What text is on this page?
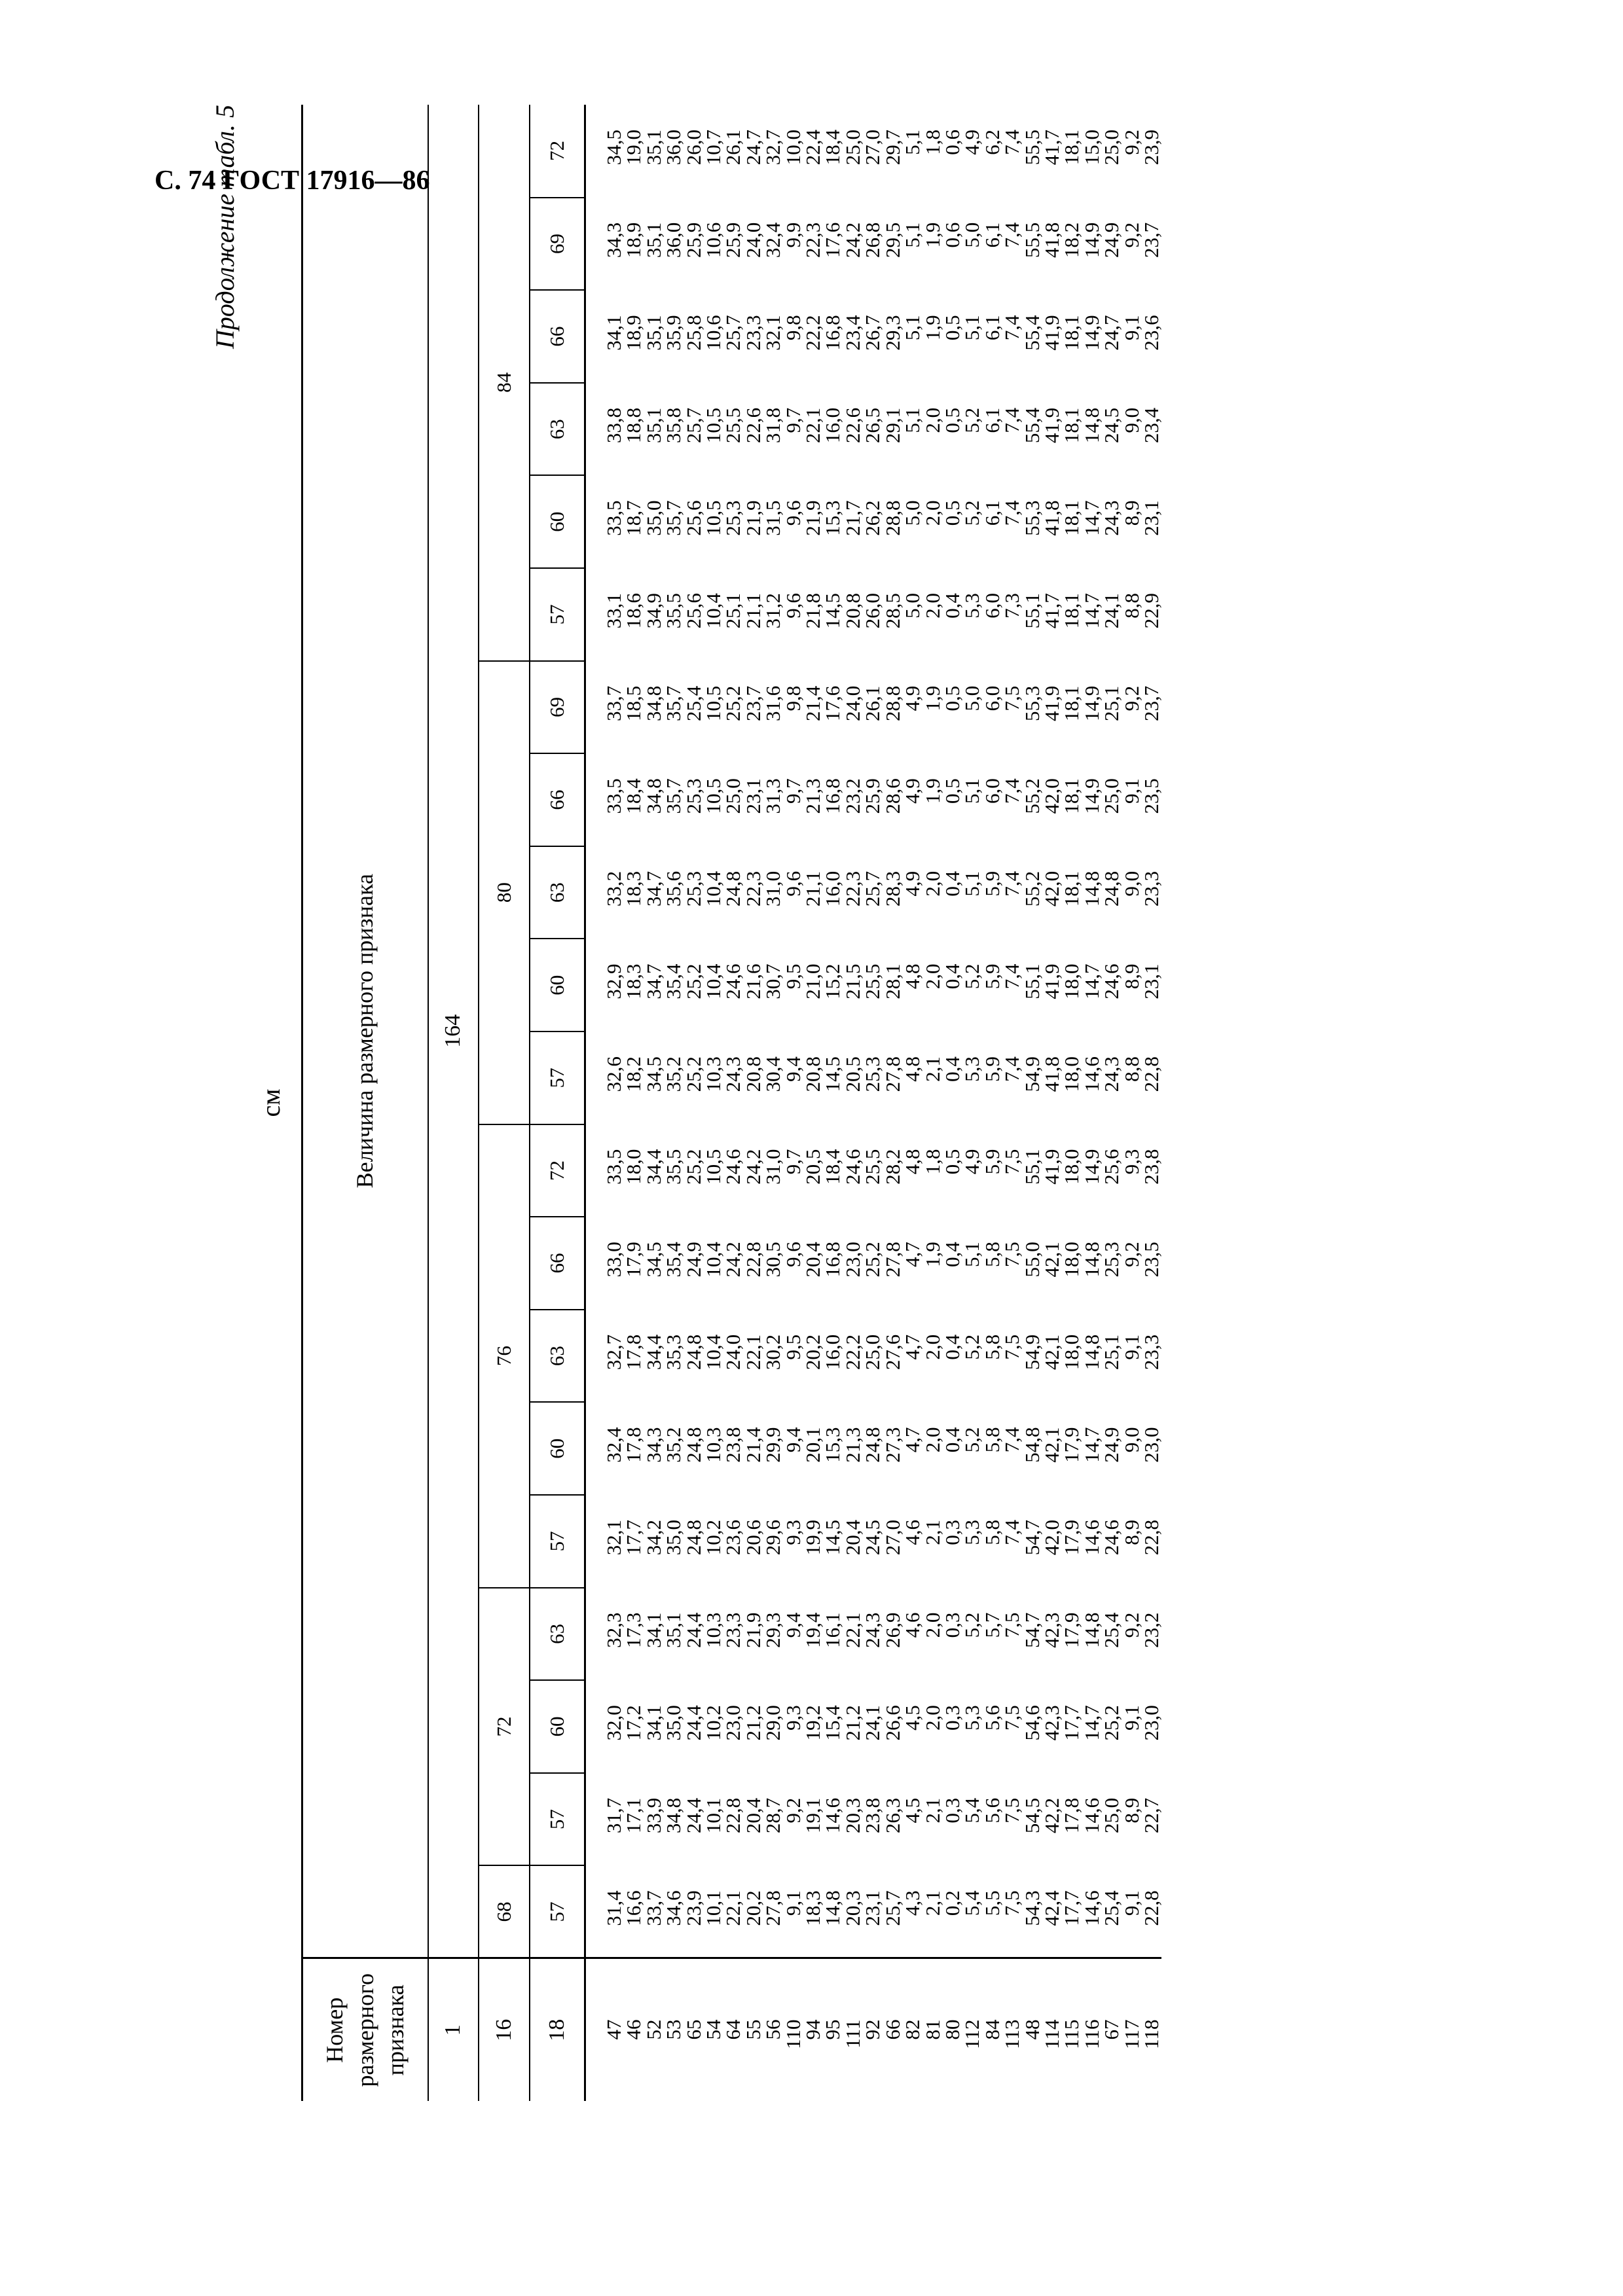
С. 74 ГОСТ 17916—86
Продолжение табл. 5
см
Номер размерного признака	Величина размерного признака																			
1	164																			
16	68	72			76					80					84					
18	57	57	60	63	57	60	63	66	72	57	60	63	66	69	57	60	63	66	69	72
47	31,4	31,7	32,0	32,3	32,1	32,4	32,7	33,0	33,5	32,6	32,9	33,2	33,5	33,7	33,1	33,5	33,8	34,1	34,3	34,5
46	16,6	17,1	17,2	17,3	17,7	17,8	17,8	17,9	18,0	18,2	18,3	18,3	18,4	18,5	18,6	18,7	18,8	18,9	18,9	19,0
52	33,7	33,9	34,1	34,1	34,2	34,3	34,4	34,5	34,4	34,5	34,7	34,7	34,8	34,8	34,9	35,0	35,1	35,1	35,1	35,1
53	34,6	34,8	35,0	35,1	35,0	35,2	35,3	35,4	35,5	35,2	35,4	35,6	35,7	35,7	35,5	35,7	35,8	35,9	36,0	36,0
65	23,9	24,4	24,4	24,4	24,8	24,8	24,8	24,9	25,2	25,2	25,2	25,3	25,3	25,4	25,6	25,6	25,7	25,8	25,9	26,0
54	10,1	10,1	10,2	10,3	10,2	10,3	10,4	10,4	10,5	10,3	10,4	10,4	10,5	10,5	10,4	10,5	10,5	10,6	10,6	10,7
64	22,1	22,8	23,0	23,3	23,6	23,8	24,0	24,2	24,6	24,3	24,6	24,8	25,0	25,2	25,1	25,3	25,5	25,7	25,9	26,1
55	20,2	20,4	21,2	21,9	20,6	21,4	22,1	22,8	24,2	20,8	21,6	22,3	23,1	23,7	21,1	21,9	22,6	23,3	24,0	24,7
56	27,8	28,7	29,0	29,3	29,6	29,9	30,2	30,5	31,0	30,4	30,7	31,0	31,3	31,6	31,2	31,5	31,8	32,1	32,4	32,7
110	9,1	9,2	9,3	9,4	9,3	9,4	9,5	9,6	9,7	9,4	9,5	9,6	9,7	9,8	9,6	9,6	9,7	9,8	9,9	10,0
94	18,3	19,1	19,2	19,4	19,9	20,1	20,2	20,4	20,5	20,8	21,0	21,1	21,3	21,4	21,8	21,9	22,1	22,2	22,3	22,4
95	14,8	14,6	15,4	16,1	14,5	15,3	16,0	16,8	18,4	14,5	15,2	16,0	16,8	17,6	14,5	15,3	16,0	16,8	17,6	18,4
111	20,3	20,3	21,2	22,1	20,4	21,3	22,2	23,0	24,6	20,5	21,5	22,3	23,2	24,0	20,8	21,7	22,6	23,4	24,2	25,0
92	23,1	23,8	24,1	24,3	24,5	24,8	25,0	25,2	25,5	25,3	25,5	25,7	25,9	26,1	26,0	26,2	26,5	26,7	26,8	27,0
66	25,7	26,3	26,6	26,9	27,0	27,3	27,6	27,8	28,2	27,8	28,1	28,3	28,6	28,8	28,5	28,8	29,1	29,3	29,5	29,7
82	4,3	4,5	4,5	4,6	4,6	4,7	4,7	4,7	4,8	4,8	4,8	4,9	4,9	4,9	5,0	5,0	5,1	5,1	5,1	5,1
81	2,1	2,1	2,0	2,0	2,1	2,0	2,0	1,9	1,8	2,1	2,0	2,0	1,9	1,9	2,0	2,0	2,0	1,9	1,9	1,8
80	0,2	0,3	0,3	0,3	0,3	0,4	0,4	0,4	0,5	0,4	0,4	0,4	0,5	0,5	0,4	0,5	0,5	0,5	0,6	0,6
112	5,4	5,4	5,3	5,2	5,3	5,2	5,2	5,1	4,9	5,3	5,2	5,1	5,1	5,0	5,3	5,2	5,2	5,1	5,0	4,9
84	5,5	5,6	5,6	5,7	5,8	5,8	5,8	5,8	5,9	5,9	5,9	5,9	6,0	6,0	6,0	6,1	6,1	6,1	6,1	6,2
113	7,5	7,5	7,5	7,5	7,4	7,4	7,5	7,5	7,5	7,4	7,4	7,4	7,4	7,5	7,3	7,4	7,4	7,4	7,4	7,4
48	54,3	54,5	54,6	54,7	54,7	54,8	54,9	55,0	55,1	54,9	55,1	55,2	55,2	55,3	55,1	55,3	55,4	55,4	55,5	55,5
114	42,4	42,2	42,3	42,3	42,0	42,1	42,1	42,1	41,9	41,8	41,9	42,0	42,0	41,9	41,7	41,8	41,9	41,9	41,8	41,7
115	17,7	17,8	17,7	17,9	17,9	17,9	18,0	18,0	18,0	18,0	18,0	18,1	18,1	18,1	18,1	18,1	18,1	18,1	18,2	18,1
116	14,6	14,6	14,7	14,8	14,6	14,7	14,8	14,8	14,9	14,6	14,7	14,8	14,9	14,9	14,7	14,7	14,8	14,9	14,9	15,0
67	25,4	25,0	25,2	25,4	24,6	24,9	25,1	25,3	25,6	24,3	24,6	24,8	25,0	25,1	24,1	24,3	24,5	24,7	24,9	25,0
117	9,1	8,9	9,1	9,2	8,9	9,0	9,1	9,2	9,3	8,8	8,9	9,0	9,1	9,2	8,8	8,9	9,0	9,1	9,2	9,2
118	22,8	22,7	23,0	23,2	22,8	23,0	23,3	23,5	23,8	22,8	23,1	23,3	23,5	23,7	22,9	23,1	23,4	23,6	23,7	23,9
